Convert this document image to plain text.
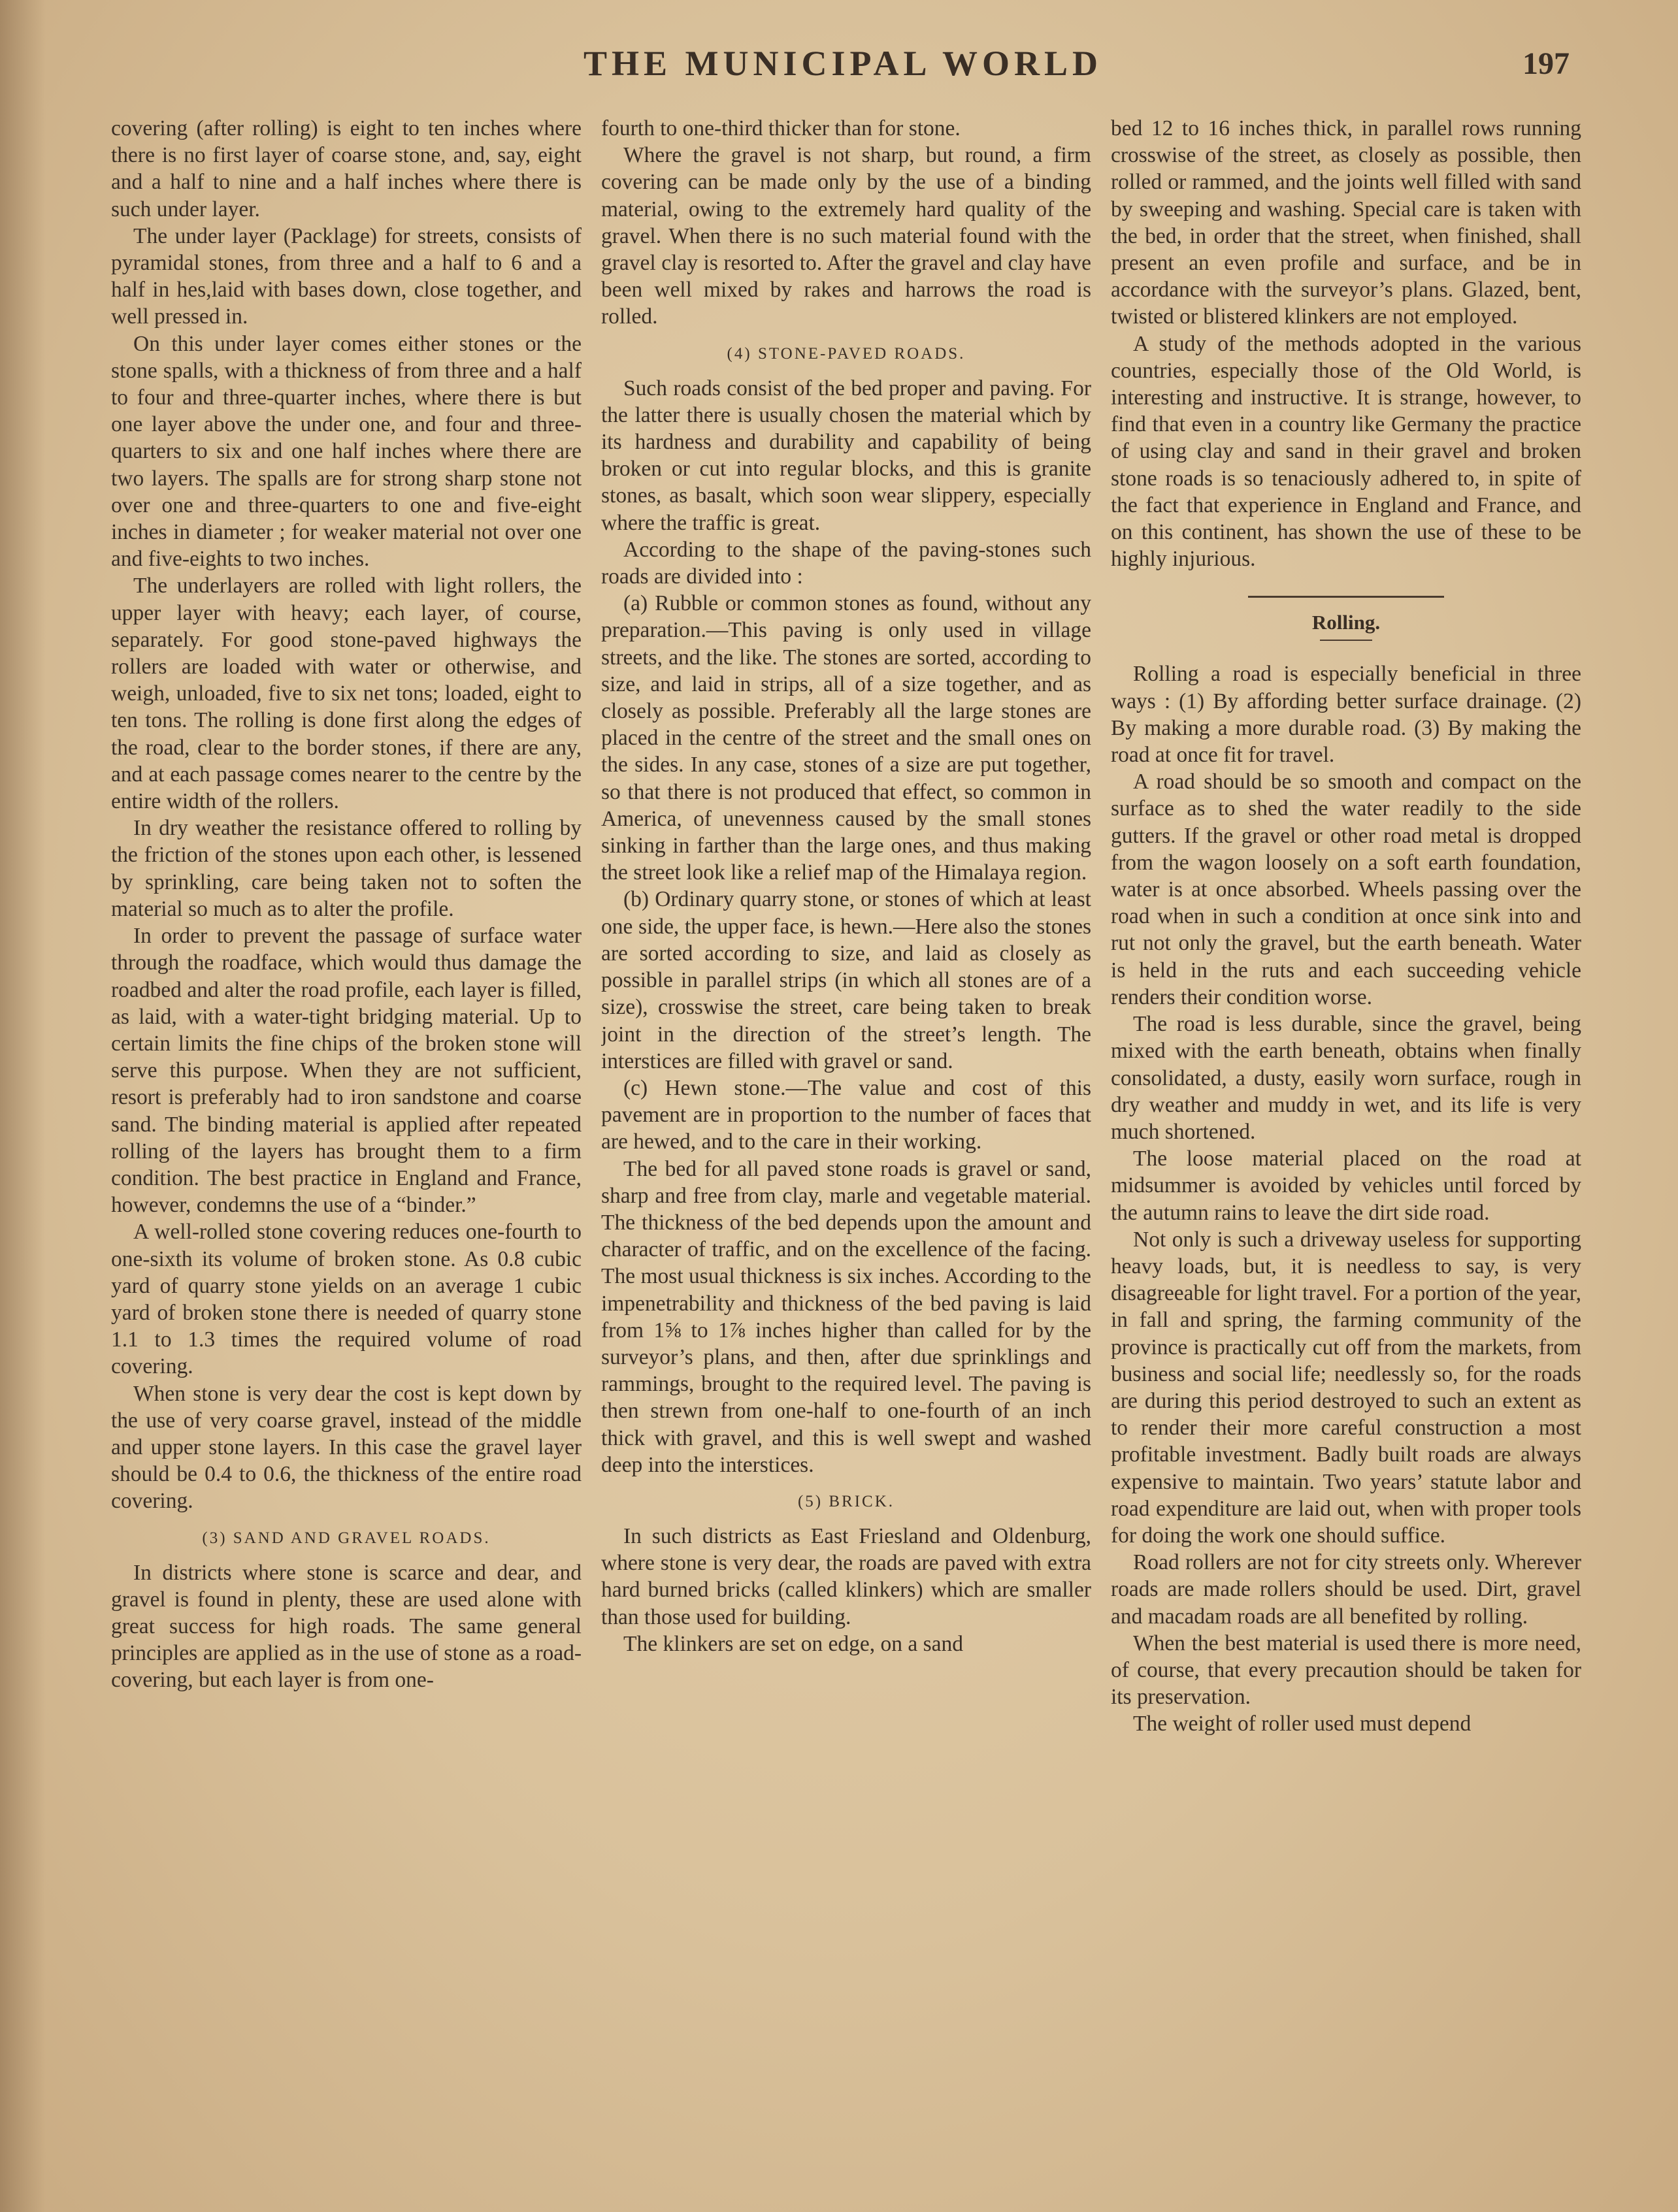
THE MUNICIPAL WORLD	197

covering (after rolling) is eight to ten inches where there is no first layer of coarse stone, and, say, eight and a half to nine and a half inches where there is such under layer.

The under layer (Packlage) for streets, consists of pyramidal stones, from three and a half to 6 and a half in hes,laid with bases down, close together, and well pressed in.

On this under layer comes either stones or the stone spalls, with a thickness of from three and a half to four and three-quarter inches, where there is but one layer above the under one, and four and three-quarters to six and one half inches where there are two layers. The spalls are for strong sharp stone not over one and three-quarters to one and five-eight inches in diameter ; for weaker material not over one and five-eights to two inches.

The underlayers are rolled with light rollers, the upper layer with heavy; each layer, of course, separately. For good stone-paved highways the rollers are loaded with water or otherwise, and weigh, unloaded, five to six net tons; loaded, eight to ten tons. The rolling is done first along the edges of the road, clear to the border stones, if there are any, and at each passage comes nearer to the centre by the entire width of the rollers.

In dry weather the resistance offered to rolling by the friction of the stones upon each other, is lessened by sprinkling, care being taken not to soften the material so much as to alter the profile.

In order to prevent the passage of surface water through the roadface, which would thus damage the roadbed and alter the road profile, each layer is filled, as laid, with a water-tight bridging material. Up to certain limits the fine chips of the broken stone will serve this purpose. When they are not sufficient, resort is preferably had to iron sandstone and coarse sand. The binding material is applied after repeated rolling of the layers has brought them to a firm condition. The best practice in England and France, however, condemns the use of a “binder.”

A well-rolled stone covering reduces one-fourth to one-sixth its volume of broken stone. As 0.8 cubic yard of quarry stone yields on an average 1 cubic yard of broken stone there is needed of quarry stone 1.1 to 1.3 times the required volume of road covering.

When stone is very dear the cost is kept down by the use of very coarse gravel, instead of the middle and upper stone layers. In this case the gravel layer should be 0.4 to 0.6, the thickness of the entire road covering.

(3) SAND AND GRAVEL ROADS.

In districts where stone is scarce and dear, and gravel is found in plenty, these are used alone with great success for high roads. The same general principles are applied as in the use of stone as a road-covering, but each layer is from one-

fourth to one-third thicker than for stone.

Where the gravel is not sharp, but round, a firm covering can be made only by the use of a binding material, owing to the extremely hard quality of the gravel. When there is no such material found with the gravel clay is resorted to. After the gravel and clay have been well mixed by rakes and harrows the road is rolled.

(4) STONE-PAVED ROADS.

Such roads consist of the bed proper and paving. For the latter there is usually chosen the material which by its hardness and durability and capability of being broken or cut into regular blocks, and this is granite stones, as basalt, which soon wear slippery, especially where the traffic is great.

According to the shape of the paving-stones such roads are divided into :

(a) Rubble or common stones as found, without any preparation.—This paving is only used in village streets, and the like. The stones are sorted, according to size, and laid in strips, all of a size together, and as closely as possible. Preferably all the large stones are placed in the centre of the street and the small ones on the sides. In any case, stones of a size are put together, so that there is not produced that effect, so common in America, of unevenness caused by the small stones sinking in farther than the large ones, and thus making the street look like a relief map of the Himalaya region.

(b) Ordinary quarry stone, or stones of which at least one side, the upper face, is hewn.—Here also the stones are sorted according to size, and laid as closely as possible in parallel strips (in which all stones are of a size), crosswise the street, care being taken to break joint in the direction of the street’s length. The interstices are filled with gravel or sand.

(c) Hewn stone.—The value and cost of this pavement are in proportion to the number of faces that are hewed, and to the care in their working.

The bed for all paved stone roads is gravel or sand, sharp and free from clay, marle and vegetable material. The thickness of the bed depends upon the amount and character of traffic, and on the excellence of the facing. The most usual thickness is six inches. According to the impenetrability and thickness of the bed paving is laid from 1⅝ to 1⅞ inches higher than called for by the surveyor’s plans, and then, after due sprinklings and rammings, brought to the required level. The paving is then strewn from one-half to one-fourth of an inch thick with gravel, and this is well swept and washed deep into the interstices.

(5) BRICK.

In such districts as East Friesland and Oldenburg, where stone is very dear, the roads are paved with extra hard burned bricks (called klinkers) which are smaller than those used for building.

The klinkers are set on edge, on a sand

bed 12 to 16 inches thick, in parallel rows running crosswise of the street, as closely as possible, then rolled or rammed, and the joints well filled with sand by sweeping and washing. Special care is taken with the bed, in order that the street, when finished, shall present an even profile and surface, and be in accordance with the surveyor’s plans. Glazed, bent, twisted or blistered klinkers are not employed.

A study of the methods adopted in the various countries, especially those of the Old World, is interesting and instructive. It is strange, however, to find that even in a country like Germany the practice of using clay and sand in their gravel and broken stone roads is so tenaciously adhered to, in spite of the fact that experience in England and France, and on this continent, has shown the use of these to be highly injurious.

Rolling.

Rolling a road is especially beneficial in three ways : (1) By affording better surface drainage. (2) By making a more durable road. (3) By making the road at once fit for travel.

A road should be so smooth and compact on the surface as to shed the water readily to the side gutters. If the gravel or other road metal is dropped from the wagon loosely on a soft earth foundation, water is at once absorbed. Wheels passing over the road when in such a condition at once sink into and rut not only the gravel, but the earth beneath. Water is held in the ruts and each succeeding vehicle renders their condition worse.

The road is less durable, since the gravel, being mixed with the earth beneath, obtains when finally consolidated, a dusty, easily worn surface, rough in dry weather and muddy in wet, and its life is very much shortened.

The loose material placed on the road at midsummer is avoided by vehicles until forced by the autumn rains to leave the dirt side road.

Not only is such a driveway useless for supporting heavy loads, but, it is needless to say, is very disagreeable for light travel. For a portion of the year, in fall and spring, the farming community of the province is practically cut off from the markets, from business and social life; needlessly so, for the roads are during this period destroyed to such an extent as to render their more careful construction a most profitable investment. Badly built roads are always expensive to maintain. Two years’ statute labor and road expenditure are laid out, when with proper tools for doing the work one should suffice.

Road rollers are not for city streets only. Wherever roads are made rollers should be used. Dirt, gravel and macadam roads are all benefited by rolling.

When the best material is used there is more need, of course, that every precaution should be taken for its preservation.

The weight of roller used must depend
